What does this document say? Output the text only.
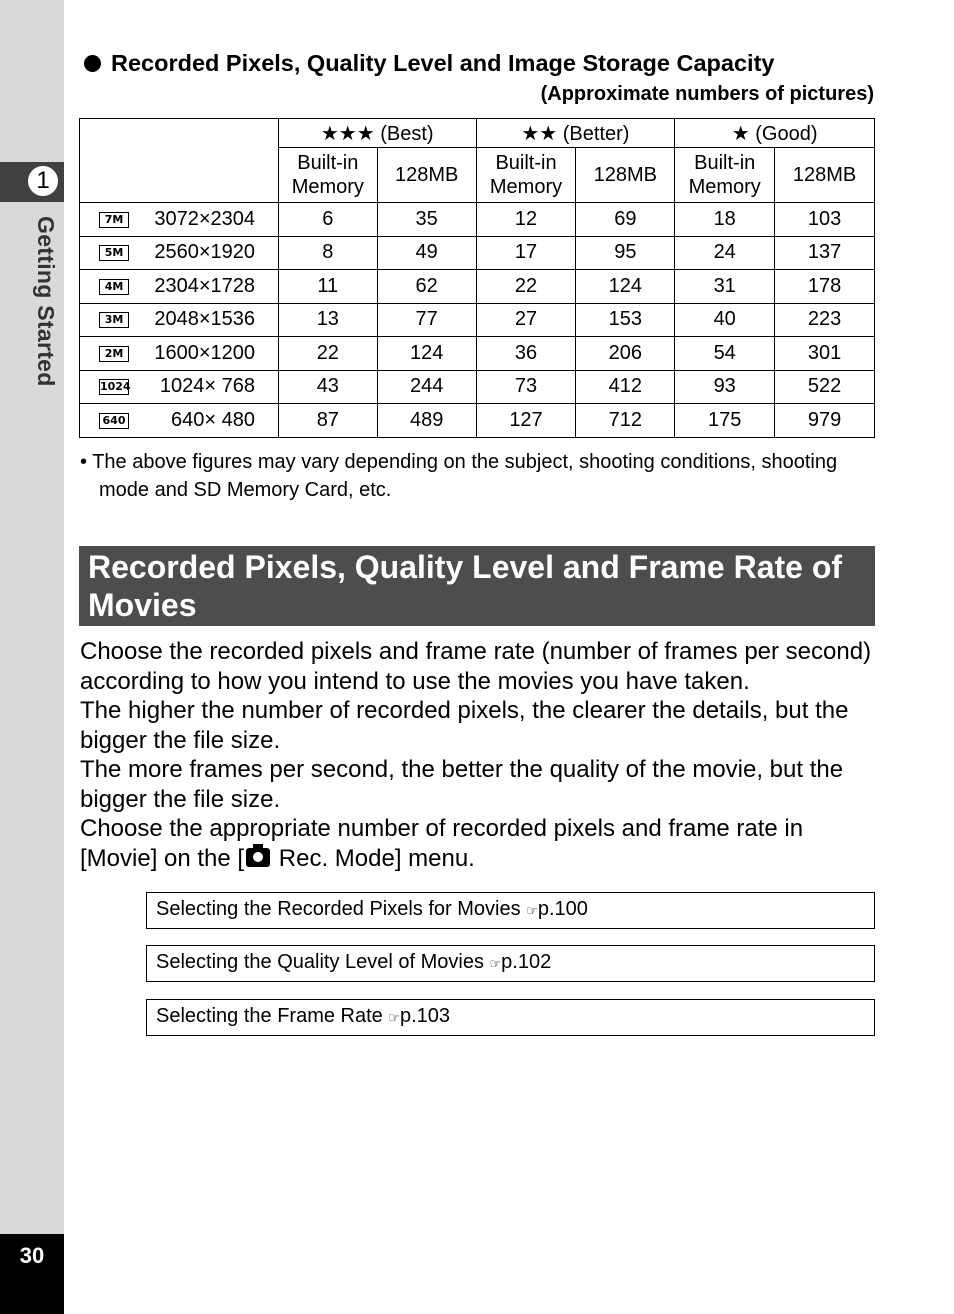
1
Getting Started
30
Recorded Pixels, Quality Level and Image Storage Capacity
(Approximate numbers of pictures)
	★★★ (Best)		★★ (Better)		★ (Good)	
	Built-in Memory	128MB	Built-in Memory	128MB	Built-in Memory	128MB
7M 3072×2304	6	35	12	69	18	103
5M 2560×1920	8	49	17	95	24	137
4M 2304×1728	11	62	22	124	31	178
3M 2048×1536	13	77	27	153	40	223
2M 1600×1200	22	124	36	206	54	301
1024 1024× 768	43	244	73	412	93	522
640 640× 480	87	489	127	712	175	979
• The above figures may vary depending on the subject, shooting conditions, shooting mode and SD Memory Card, etc.
Recorded Pixels, Quality Level and Frame Rate of Movies

Choose the recorded pixels and frame rate (number of frames per second) according to how you intend to use the movies you have taken.

The higher the number of recorded pixels, the clearer the details, but the bigger the file size.

The more frames per second, the better the quality of the movie, but the bigger the file size.

Choose the appropriate number of recorded pixels and frame rate in [Movie] on the [ Rec. Mode] menu.

Selecting the Recorded Pixels for Movies ☞p.100
Selecting the Quality Level of Movies ☞p.102
Selecting the Frame Rate ☞p.103
